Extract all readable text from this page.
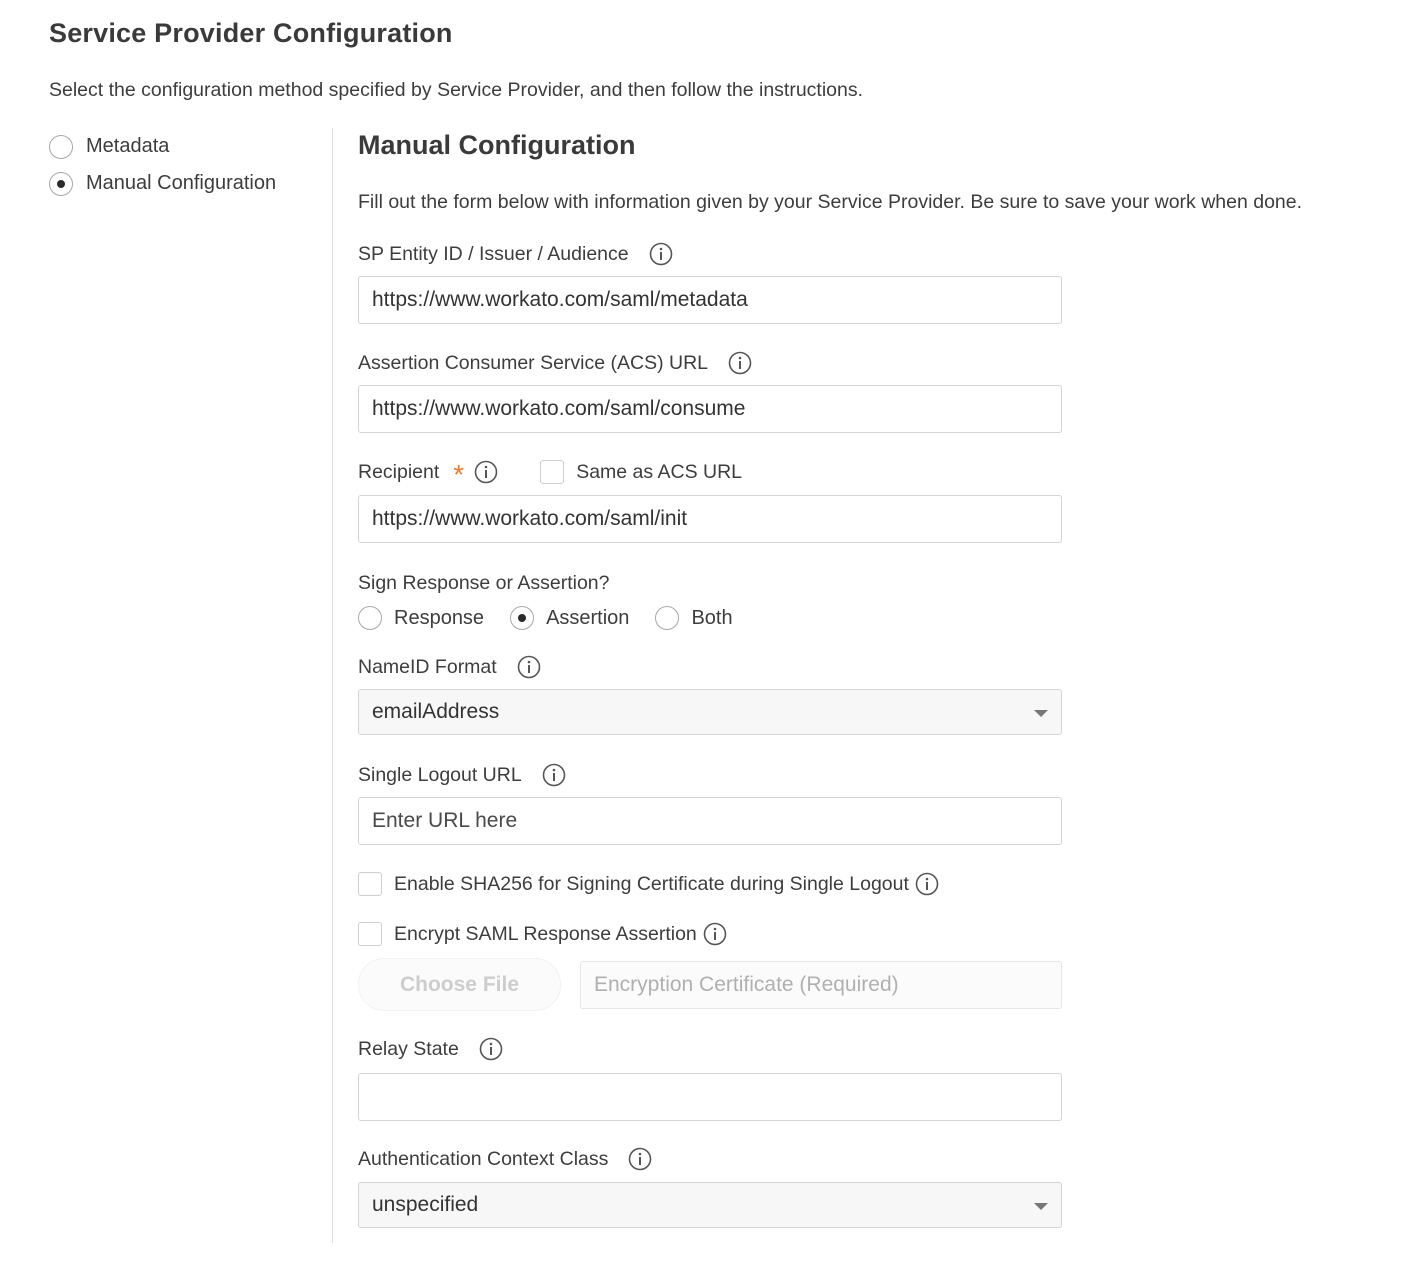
Service Provider Configuration
Select the configuration method specified by Service Provider, and then follow the instructions.
Metadata
Manual Configuration
Manual Configuration
Fill out the form below with information given by your Service Provider. Be sure to save your work when done.
SP Entity ID / Issuer / Audience
https://www.workato.com/saml/metadata
Assertion Consumer Service (ACS) URL
https://www.workato.com/saml/consume
Recipient *	Same as ACS URL
https://www.workato.com/saml/init
Sign Response or Assertion?
Response	Assertion	Both
NameID Format
emailAddress
Single Logout URL
Enter URL here
Enable SHA256 for Signing Certificate during Single Logout
Encrypt SAML Response Assertion
Choose File
Encryption Certificate (Required)
Relay State
Authentication Context Class
unspecified
